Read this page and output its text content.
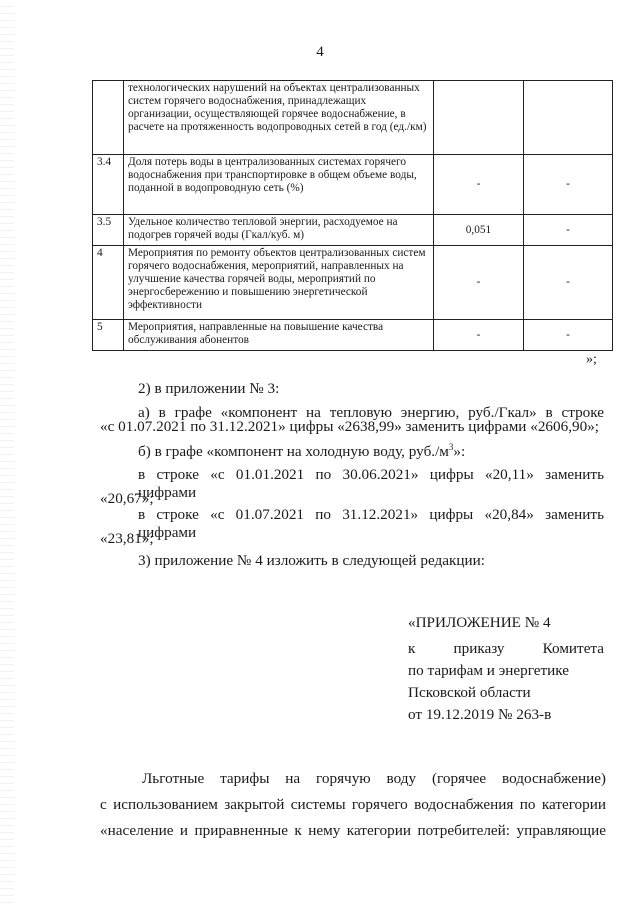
4
	технологических нарушений на объектах централизованных систем горячего водоснабжения, принадлежащих организации, осуществляющей горячее водоснабжение, в расчете на протяженность водопроводных сетей в год (ед./км)		
3.4	Доля потерь воды в централизованных системах горячего водоснабжения при транспортировке в общем объеме воды, поданной в водопроводную сеть (%)	-	-
3.5	Удельное количество тепловой энергии, расходуемое на подогрев горячей воды (Гкал/куб. м)	0,051	-
4	Мероприятия по ремонту объектов централизованных систем горячего водоснабжения, мероприятий, направленных на улучшение качества горячей воды, мероприятий по энергосбережению и повышению энергетической эффективности	-	-
5	Мероприятия, направленные на повышение качества обслуживания абонентов	-	-
»;
2) в приложении № 3:
а) в графе «компонент на тепловую энергию, руб./Гкал» в строке
«с 01.07.2021 по 31.12.2021» цифры «2638,99» заменить цифрами «2606,90»;
б) в графе «компонент на холодную воду, $руб./м^3$»:
в строке «с 01.01.2021 по 30.06.2021» цифры «20,11» заменить цифрами
«20,67»;
в строке «с 01.07.2021 по 31.12.2021» цифры «20,84» заменить цифрами
«23,81»;
3) приложение № 4 изложить в следующей редакции:
«ПРИЛОЖЕНИЕ № 4
к приказу Комитета
по тарифам и энергетике
Псковской области
от 19.12.2019 № 263-в
Льготные тарифы на горячую воду (горячее водоснабжение)
с использованием закрытой системы горячего водоснабжения по категории
«население и приравненные к нему категории потребителей: управляющие
